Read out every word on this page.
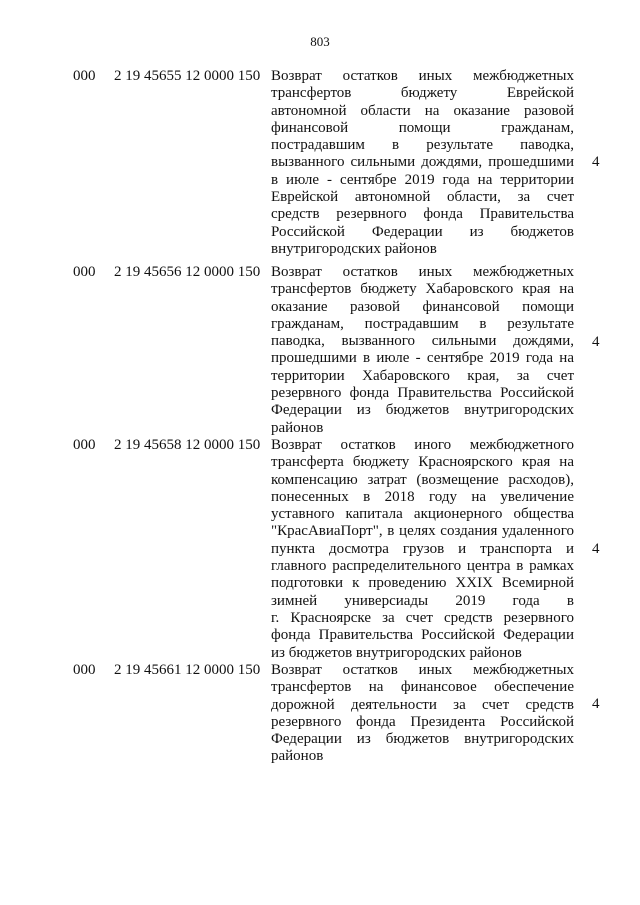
803
000 2 19 45655 12 0000 150 Возврат остатков иных межбюджетных
трансфертов бюджету Еврейской
автономной области на оказание разовой
финансовой помощи гражданам,
пострадавшим в результате паводка,
вызванного сильными дождями, прошедшими
в июле - сентябре 2019 года на территории
Еврейской автономной области, за счет
средств резервного фонда Правительства
Российской Федерации из бюджетов
внутригородских районов
4
000 2 19 45656 12 0000 150 Возврат остатков иных межбюджетных
трансфертов бюджету Хабаровского края на
оказание разовой финансовой помощи
гражданам, пострадавшим в результате
паводка, вызванного сильными дождями,
прошедшими в июле - сентябре 2019 года на
территории Хабаровского края, за счет
резервного фонда Правительства Российской
Федерации из бюджетов внутригородских
районов
4
000 2 19 45658 12 0000 150 Возврат остатков иного межбюджетного
трансферта бюджету Красноярского края на
компенсацию затрат (возмещение расходов),
понесенных в 2018 году на увеличение
уставного капитала акционерного общества
"КрасАвиаПорт", в целях создания удаленного
пункта досмотра грузов и транспорта и
главного распределительного центра в рамках
подготовки к проведению XXIX Всемирной
зимней универсиады 2019 года в
г. Красноярске за счет средств резервного
фонда Правительства Российской Федерации
из бюджетов внутригородских районов
4
000 2 19 45661 12 0000 150 Возврат остатков иных межбюджетных
трансфертов на финансовое обеспечение
дорожной деятельности за счет средств
резервного фонда Президента Российской
Федерации из бюджетов внутригородских
районов
4
